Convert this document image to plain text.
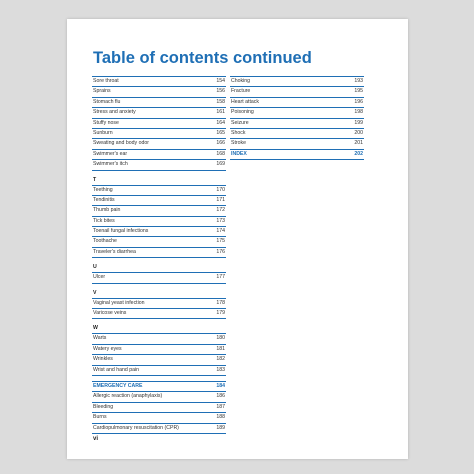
Table of contents continued
Sore throat	154
Sprains	156
Stomach flu	158
Stress and anxiety	161
Stuffy nose	164
Sunburn	165
Sweating and body odor	166
Swimmer's ear	168
Swimmer's itch	169
T
Teething	170
Tendinitis	171
Thumb pain	172
Tick bites	173
Toenail fungal infections	174
Toothache	175
Traveler's diarrhea	176
U
Ulcer	177
V
Vaginal yeast infection	178
Varicose veins	179
W
Warts	180
Watery eyes	181
Wrinkles	182
Wrist and hand pain	183
EMERGENCY CARE	184
Allergic reaction (anaphylaxis)	186
Bleeding	187
Burns	188
Cardiopulmonary resuscitation (CPR)	189
Choking	193
Fracture	195
Heart attack	196
Poisoning	198
Seizure	199
Shock	200
Stroke	201
INDEX	202
vi
